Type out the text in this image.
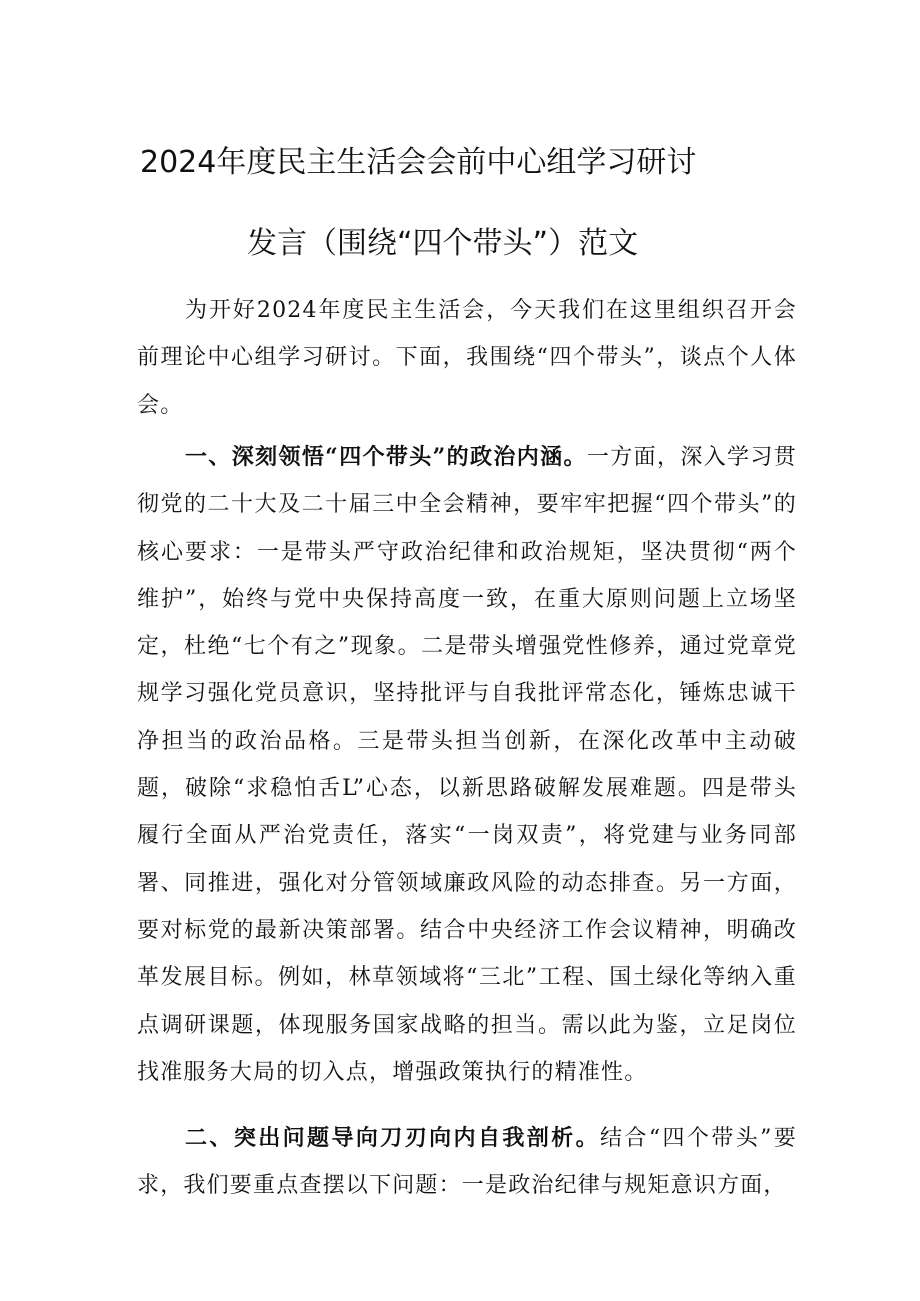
2024年度民主生活会会前中心组学习研讨
发言（围绕“四个带头”）范文

为开好2024年度民主生活会，今天我们在这里组织召开会前理论中心组学习研讨。下面，我围绕“四个带头”，谈点个人体会。

一、深刻领悟“四个带头”的政治内涵。一方面，深入学习贯彻党的二十大及二十届三中全会精神，要牢牢把握“四个带头”的核心要求：一是带头严守政治纪律和政治规矩，坚决贯彻“两个维护”，始终与党中央保持高度一致，在重大原则问题上立场坚定，杜绝“七个有之”现象。二是带头增强党性修养，通过党章党规学习强化党员意识，坚持批评与自我批评常态化，锤炼忠诚干净担当的政治品格。三是带头担当创新，在深化改革中主动破题，破除“求稳怕舌L”心态，以新思路破解发展难题。四是带头履行全面从严治党责任，落实“一岗双责”，将党建与业务同部署、同推进，强化对分管领域廉政风险的动态排查。另一方面，要对标党的最新决策部署。结合中央经济工作会议精神，明确改革发展目标。例如，林草领域将“三北”工程、国土绿化等纳入重点调研课题，体现服务国家战略的担当。需以此为鉴，立足岗位找准服务大局的切入点，增强政策执行的精准性。

二、突出问题导向刀刃向内自我剖析。结合“四个带头”要求，我们要重点查摆以下问题：一是政治纪律与规矩意识方面，
